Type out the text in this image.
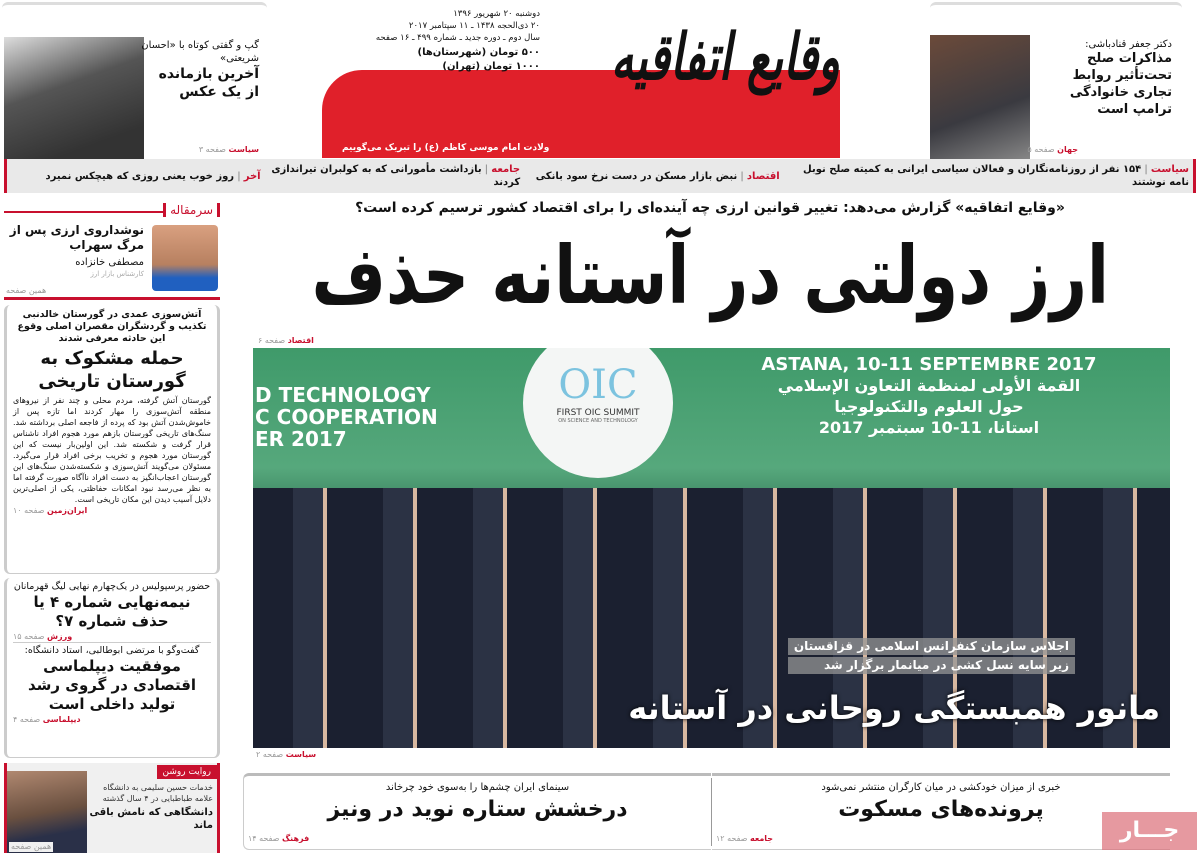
دکتر جعفر قنادباشی:
مذاکرات صلح تحت‌تأثیر روابط تجاری خانوادگی ترامپ است
جهان صفحه ۵
گپ و گفتی کوتاه با «احسان شریعتی»
آخرین بازمانده از یک عکس
سیاست صفحه ۳
وقایع اتفاقیه
ولادت امام موسی کاظم (ع) را تبریک می‌گوییم
دوشنبه ۲۰ شهریور ۱۳۹۶
۲۰ ذی‌الحجه ۱۴۳۸ ـ ۱۱ سپتامبر ۲۰۱۷
سال دوم ـ دوره جدید ـ شماره ۴۹۹ ـ ۱۶ صفحه
۵۰۰ تومان (شهرستان‌ها)
۱۰۰۰ تومان (تهران)
سیاست|۱۵۴ نفر از روزنامه‌نگاران و فعالان سیاسی ایرانی به کمیته صلح نوبل نامه نوشتند
اقتصاد|نبض بازار مسکن در دست نرخ سود بانکی
جامعه|بازداشت مأمورانی که به کولبران تیراندازی کردند
آخر|روز خوب یعنی روزی که هیچکس نمیرد
«وقایع اتفاقیه» گزارش می‌دهد: تغییر قوانین ارزی چه آینده‌ای را برای اقتصاد کشور ترسیم کرده است؟
ارز دولتی در آستانه حذف
اقتصاد صفحه ۶
OIC
FIRST OIC SUMMIT
ON SCIENCE AND TECHNOLOGY
D TECHNOLOGY
C COOPERATION
ER 2017
ASTANA, 10-11 SEPTEMBRE 2017
القمة الأولى لمنظمة التعاون الإسلامي
حول العلوم والتكنولوجيا
استانا، 11-10 سبتمبر 2017
اجلاس سازمان کنفرانس اسلامی در قزاقستان
زیر سایه نسل کشی در میانمار برگزار شد
مانور همبستگی روحانی در آستانه
سیاست صفحه ۲
سرمقاله
نوشداروی ارزی پس از مرگ سهراب
مصطفی خانزاده
کارشناس بازار ارز
همین صفحه
آتش‌سوزی عمدی در گورستان خالدنبی تکذیب و گردشگران مقصران اصلی وقوع این حادثه معرفی شدند
حمله مشکوک به گورستان تاریخی
گورستان آتش گرفته، مردم محلی و چند نفر از نیروهای منطقه آتش‌سوزی را مهار کردند اما تازه پس از خاموش‌شدن آتش بود که پرده از فاجعه اصلی برداشته شد. سنگ‌های تاریخی گورستان بازهم مورد هجوم افراد ناشناس قرار گرفت و شکسته شد. این اولین‌بار نیست که این گورستان مورد هجوم و تخریب برخی افراد قرار می‌گیرد. مسئولان می‌گویند آتش‌سوزی و شکسته‌شدن سنگ‌های این گورستان اعجاب‌انگیز به دست افراد ناآگاه صورت گرفته اما به نظر می‌رسد نبود امکانات حفاظتی، یکی از اصلی‌ترین دلایل آسیب دیدن این مکان تاریخی است.
ایران‌زمین صفحه ۱۰
حضور پرسپولیس در یک‌چهارم نهایی لیگ قهرمانان
نیمه‌نهایی شماره ۴ یا حذف شماره ۷؟
ورزش صفحه ۱۵
گفت‌وگو با مرتضی ابوطالبی، استاد دانشگاه:
موفقیت دیپلماسی اقتصادی در گروی رشد تولید داخلی است
دیپلماسی صفحه ۴
روایت روشن
خدمات حسین سلیمی به دانشگاه علامه طباطبایی در ۴ سال گذشته
دانشگاهی که نامش باقی ماند
همین صفحه
خبری از میزان خودکشی در میان کارگران منتشر نمی‌شود
پرونده‌های مسکوت
جامعه صفحه ۱۲
سینمای ایران چشم‌ها را به‌سوی خود چرخاند
درخشش ستاره نوید در ونیز
فرهنگ صفحه ۱۴	جـــار
